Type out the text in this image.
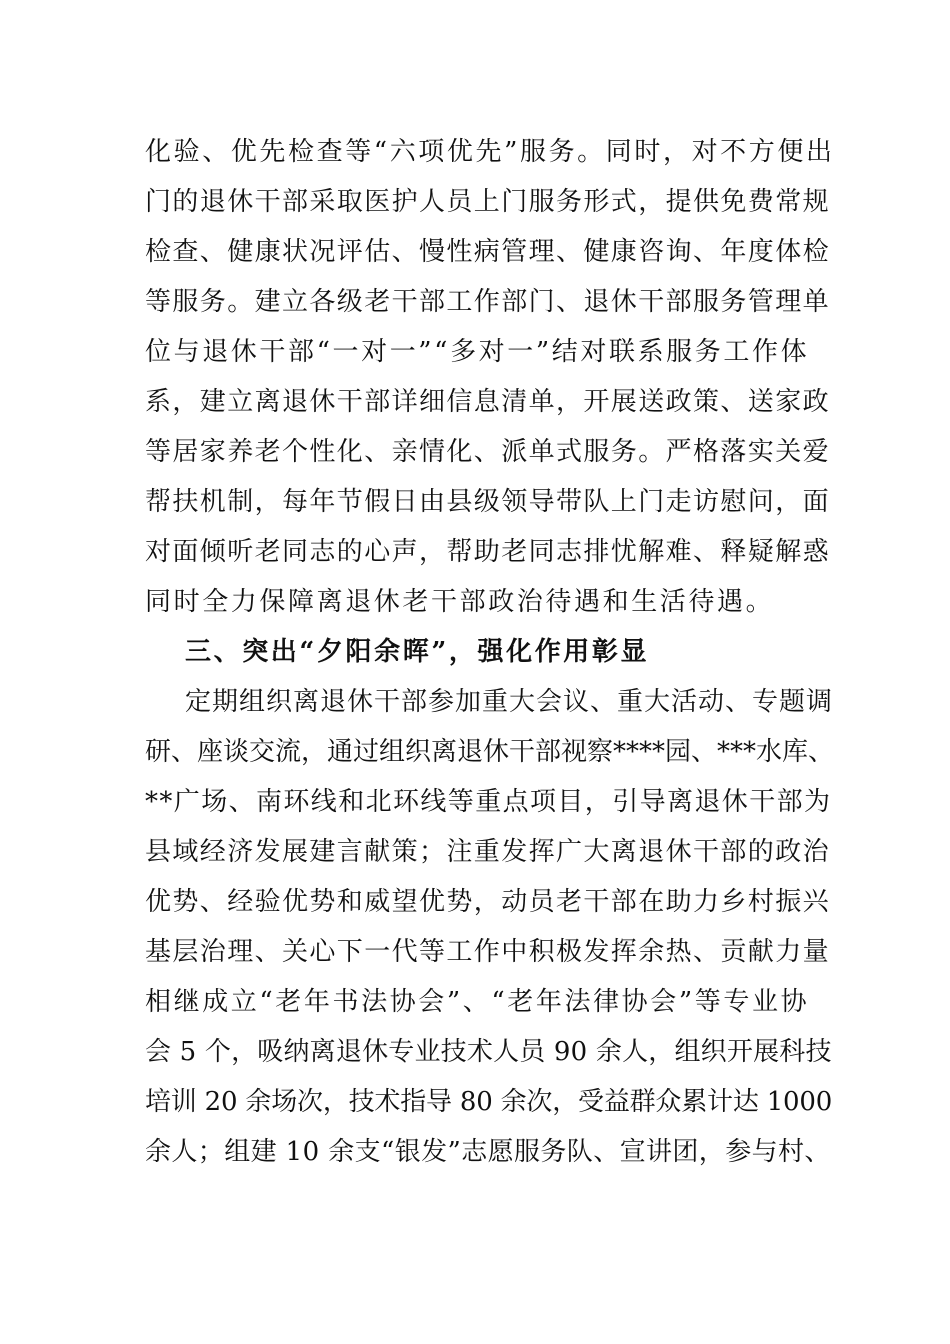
化验、优先检查等“六项优先”服务。同时，对不方便出
门的退休干部采取医护人员上门服务形式，提供免费常规
检查、健康状况评估、慢性病管理、健康咨询、年度体检
等服务。建立各级老干部工作部门、退休干部服务管理单
位与退休干部“一对一”“多对一”结对联系服务工作体
系，建立离退休干部详细信息清单，开展送政策、送家政
等居家养老个性化、亲情化、派单式服务。严格落实关爱
帮扶机制，每年节假日由县级领导带队上门走访慰问，面
对面倾听老同志的心声，帮助老同志排忧解难、释疑解惑
同时全力保障离退休老干部政治待遇和生活待遇。
三、突出“夕阳余晖”，强化作用彰显
定期组织离退休干部参加重大会议、重大活动、专题调
研、座谈交流，通过组织离退休干部视察****园、***水库、
**广场、南环线和北环线等重点项目，引导离退休干部为
县域经济发展建言献策；注重发挥广大离退休干部的政治
优势、经验优势和威望优势，动员老干部在助力乡村振兴
基层治理、关心下一代等工作中积极发挥余热、贡献力量
相继成立“老年书法协会”、“老年法律协会”等专业协
会 5 个，吸纳离退休专业技术人员 90 余人，组织开展科技
培训 20 余场次，技术指导 80 余次，受益群众累计达 1000
余人；组建 10 余支“银发”志愿服务队、宣讲团，参与村、
